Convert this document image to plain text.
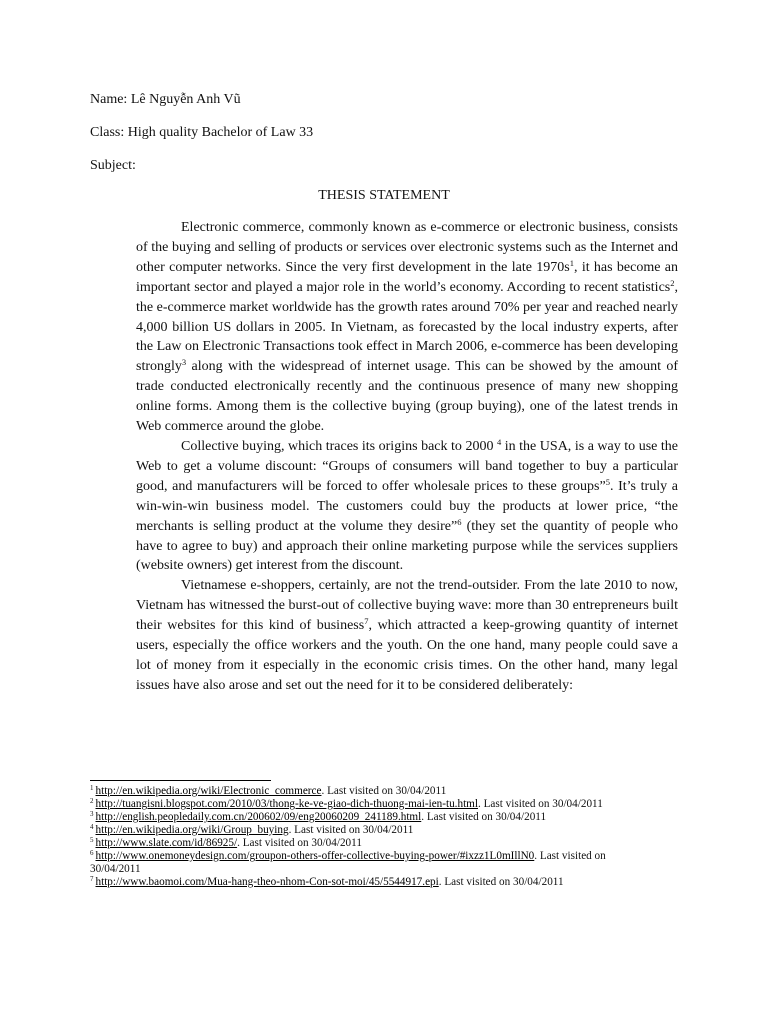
Name: Lê Nguyễn Anh Vũ
Class: High quality Bachelor of Law 33
Subject:
THESIS STATEMENT

Electronic commerce, commonly known as e-commerce or electronic business, consists of the buying and selling of products or services over electronic systems such as the Internet and other computer networks. Since the very first development in the late $1970s^1$, it has become an important sector and played a major role in the world’s economy. According to recent statistics$^2$, the e-commerce market worldwide has the growth rates around 70% per year and reached nearly 4,000 billion US dollars in 2005. In Vietnam, as forecasted by the local industry experts, after the Law on Electronic Transactions took effect in March 2006, e-commerce has been developing strongly$^3$ along with the widespread of internet usage. This can be showed by the amount of trade conducted electronically recently and the continuous presence of many new shopping online forms. Among them is the collective buying (group buying), one of the latest trends in Web commerce around the globe.

Collective buying, which traces its origins back to 2000 $^4$ in the USA, is a way to use the Web to get a volume discount: “Groups of consumers will band together to buy a particular good, and manufacturers will be forced to offer wholesale prices to these groups”$^5$. It’s truly a win-win-win business model. The customers could buy the products at lower price, “the merchants is selling product at the volume they desire”$^6$ (they set the quantity of people who have to agree to buy) and approach their online marketing purpose while the services suppliers (website owners) get interest from the discount.

Vietnamese e-shoppers, certainly, are not the trend-outsider. From the late 2010 to now, Vietnam has witnessed the burst-out of collective buying wave: more than 30 entrepreneurs built their websites for this kind of business$^7$, which attracted a keep-growing quantity of internet users, especially the office workers and the youth. On the one hand, many people could save a lot of money from it especially in the economic crisis times. On the other hand, many legal issues have also arose and set out the need for it to be considered deliberately:

$^1$ http://en.wikipedia.org/wiki/Electronic_commerce. Last visited on 30/04/2011
$^2$ http://tuangisni.blogspot.com/2010/03/thong-ke-ve-giao-dich-thuong-mai-ien-tu.html. Last visited on 30/04/2011
$^3$ http://english.peopledaily.com.cn/200602/09/eng20060209_241189.html. Last visited on 30/04/2011
$^4$ http://en.wikipedia.org/wiki/Group_buying. Last visited on 30/04/2011
$^5$ http://www.slate.com/id/86925/. Last visited on 30/04/2011
$^6$ http://www.onemoneydesign.com/groupon-others-offer-collective-buying-power/#ixzz1L0mIllN0. Last visited on 30/04/2011
$^7$ http://www.baomoi.com/Mua-hang-theo-nhom-Con-sot-moi/45/5544917.epi. Last visited on 30/04/2011
